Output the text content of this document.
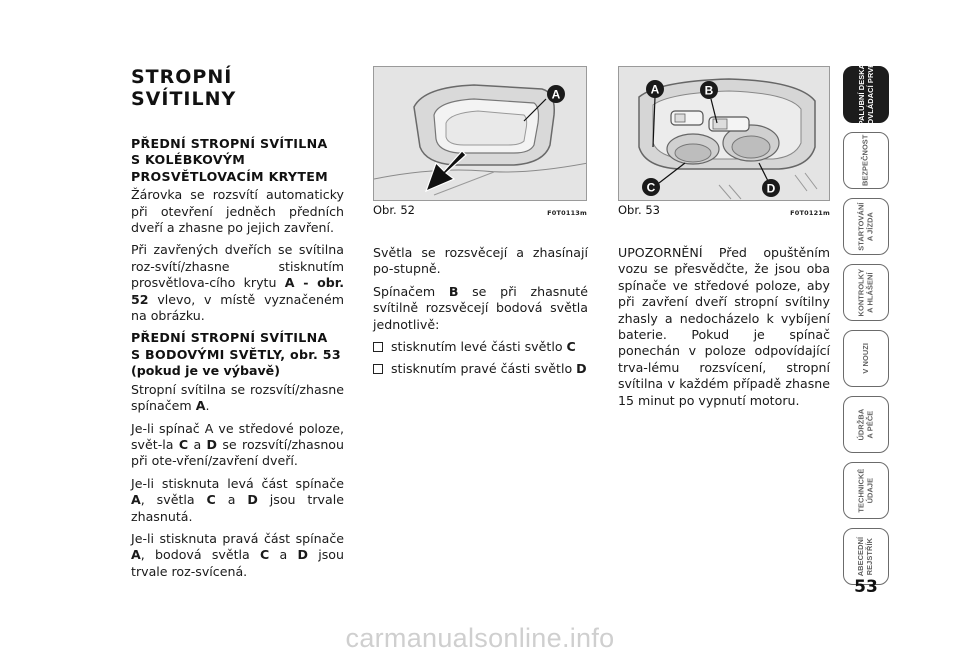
STROPNÍ SVÍTILNY
PŘEDNÍ STROPNÍ SVÍTILNA
S KOLÉBKOVÝM
PROSVĚTLOVACÍM KRYTEM

Žárovka se rozsvítí automaticky při otevření jedněch předních dveří a zhasne po jejich zavření.

Při zavřených dveřích se svítilna roz-svítí/zhasne stisknutím prosvětlova-cího krytu A - obr. 52 vlevo, v místě vyznačeném na obrázku.

PŘEDNÍ STROPNÍ SVÍTILNA
S BODOVÝMI SVĚTLY, obr. 53
(pokud je ve výbavě)

Stropní svítilna se rozsvítí/zhasne spínačem A.

Je-li spínač A ve středové poloze, svět-la C a D se rozsvítí/zhasnou při ote-vření/zavření dveří.

Je-li stisknuta levá část spínače A, světla C a D jsou trvale zhasnutá.

Je-li stisknuta pravá část spínače A, bodová světla C a D jsou trvale roz-svícená.

A
Obr. 52	F0T0113m
A	B
C	D
Obr. 53	F0T0121m

Světla se rozsvěcejí a zhasínají po-stupně.

Spínačem B se při zhasnuté svítilně rozsvěcejí bodová světla jednotlivě:

stisknutím levé části světlo C
stisknutím pravé části světlo D

UPOZORNĚNÍ Před opuštěním vozu se přesvědčte, že jsou oba spínače ve středové poloze, aby při zavření dveří stropní svítilny zhasly a nedocházelo k vybíjení baterie. Pokud je spínač ponechán v poloze odpovídající trva-lému rozsvícení, stropní svítilna v každém případě zhasne 15 minut po vypnutí motoru.

PALUBNÍ DESKA
A OVLÁDACÍ PRVKY
BEZPEČNOST
STARTOVÁNÍ
A JÍZDA
KONTROLKY
A HLÁŠENÍ
V NOUZI
ÚDRŽBA
A PÉČE
TECHNICKÉ
ÚDAJE
ABECEDNÍ
REJSTŘÍK
53
carmanualsonline.info
